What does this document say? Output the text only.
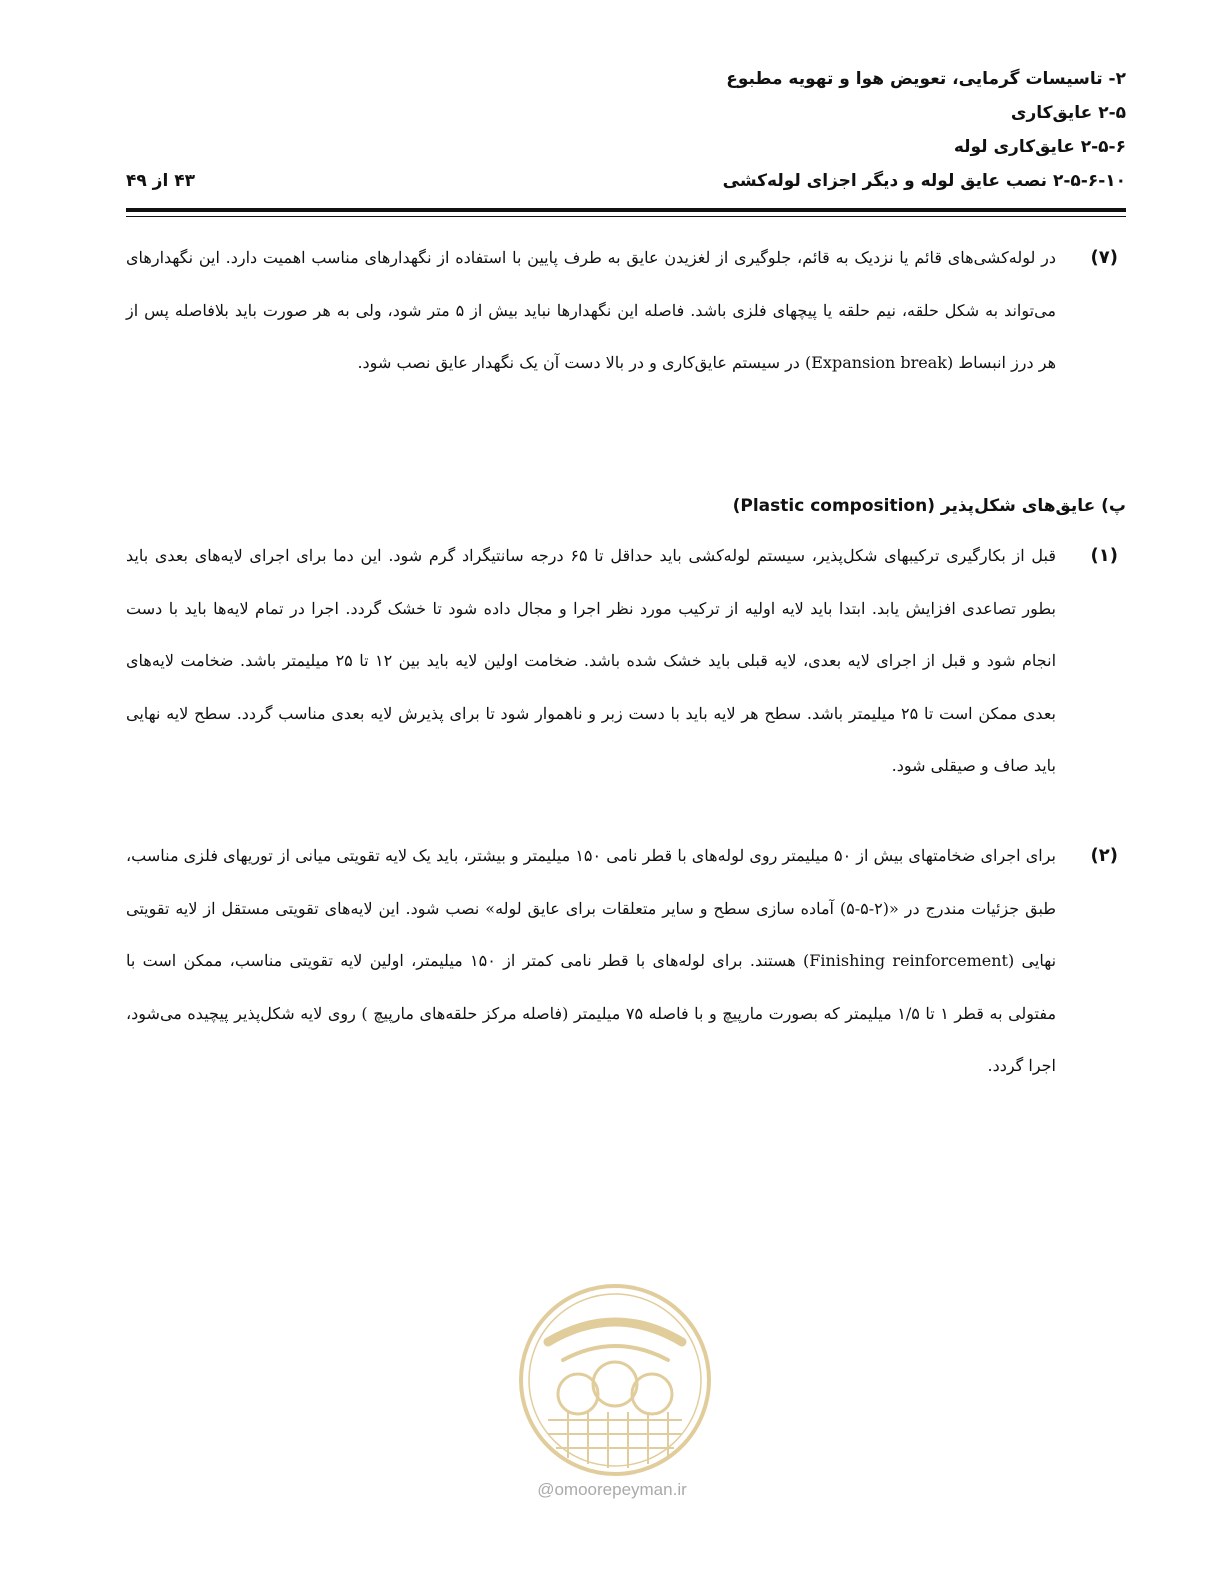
۲- تاسیسات گرمایی، تعویض هوا و تهویه مطبوع
۲-۵ عایق‌کاری
۲-۵-۶ عایق‌کاری لوله
۲-۵-۶-۱۰ نصب عایق لوله و دیگر اجزای لوله‌کشی
۴۳ از ۴۹
(۷)
در لوله‌کشی‌های قائم یا نزدیک به قائم، جلوگیری از لغزیدن عایق به طرف پایین با استفاده از نگهدارهای مناسب اهمیت دارد. این نگهدارهای می‌تواند به شکل حلقه، نیم حلقه یا پیچهای فلزی باشد. فاصله این نگهدارها نباید بیش از ۵ متر شود، ولی به هر صورت باید بلافاصله پس از هر درز انبساط (Expansion break) در سیستم عایق‌کاری و در بالا دست آن یک نگهدار عایق نصب شود.
پ) عایق‌های شکل‌پذیر (Plastic composition)
(۱)
قبل از بکارگیری ترکیبهای شکل‌پذیر، سیستم لوله‌کشی باید حداقل تا ۶۵ درجه سانتیگراد گرم شود. این دما برای اجرای لایه‌های بعدی باید بطور تصاعدی افزایش یابد. ابتدا باید لایه اولیه از ترکیب مورد نظر اجرا و مجال داده شود تا خشک گردد. اجرا در تمام لایه‌ها باید با دست انجام شود و قبل از اجرای لایه بعدی، لایه قبلی باید خشک شده باشد. ضخامت اولین لایه باید بین ۱۲ تا ۲۵ میلیمتر باشد. ضخامت لایه‌های بعدی ممکن است تا ۲۵ میلیمتر باشد. سطح هر لایه باید با دست زبر و ناهموار شود تا برای پذیرش لایه بعدی مناسب گردد. سطح لایه نهایی باید صاف و صیقلی شود.
(۲)
برای اجرای ضخامتهای بیش از ۵۰ میلیمتر روی لوله‌های با قطر نامی ۱۵۰ میلیمتر و بیشتر، باید یک لایه تقویتی میانی از توریهای فلزی مناسب، طبق جزئیات مندرج در «(۲-۵-۵) آماده سازی سطح و سایر متعلقات برای عایق لوله» نصب شود. این لایه‌های تقویتی مستقل از لایه تقویتی نهایی (Finishing reinforcement) هستند. برای لوله‌های با قطر نامی کمتر از ۱۵۰ میلیمتر، اولین لایه تقویتی مناسب، ممکن است با مفتولی به قطر ۱ تا ۱/۵ میلیمتر که بصورت مارپیچ و با فاصله ۷۵ میلیمتر (فاصله مرکز حلقه‌های مارپیچ ) روی لایه شکل‌پذیر پیچیده می‌شود، اجرا گردد.
@omoorepeyman.ir
